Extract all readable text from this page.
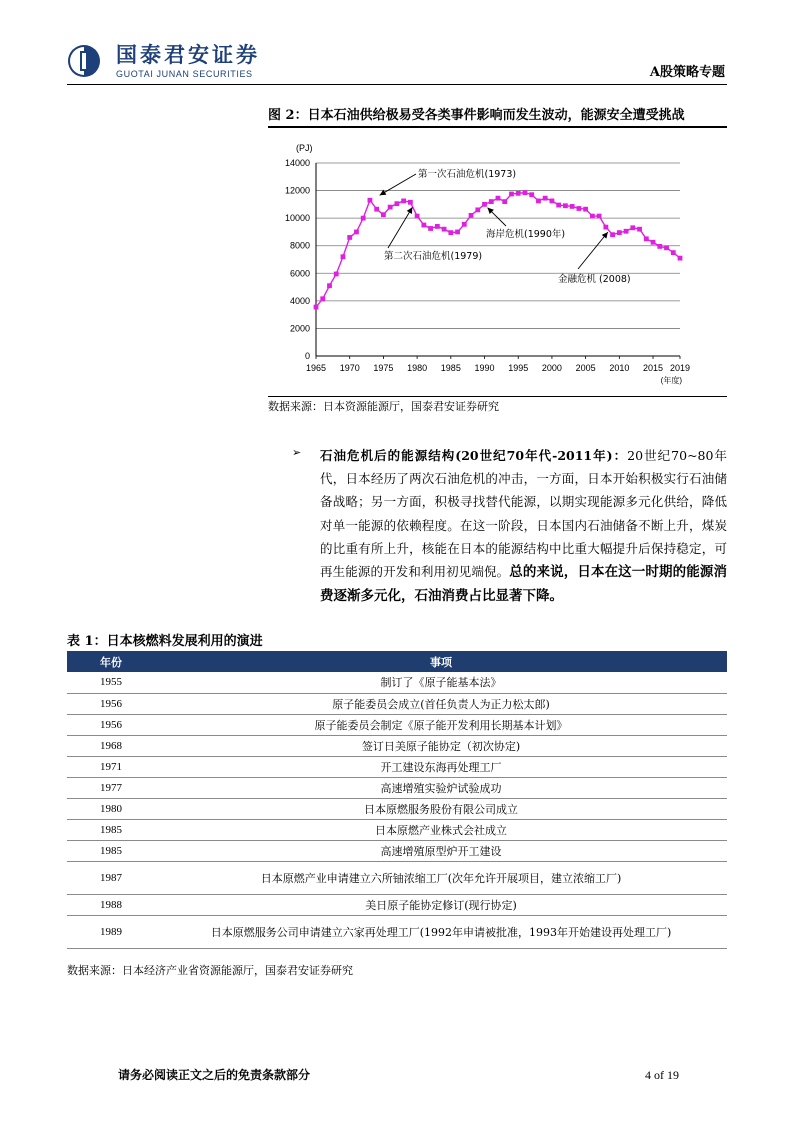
国泰君安证券
GUOTAI JUNAN SECURITIES	A股策略专题
图 2：日本石油供给极易受各类事件影响而发生波动，能源安全遭受挑战
0
2000
4000
6000
8000
10000
12000
14000
1965 1970 1975 1980 1985 1990 1995 2000 2005 2010 2015 2019
(PJ)
(年度)
第一次石油危机(1973)
第二次石油危机(1979)
海岸危机(1990年)
金融危机 (2008)
数据来源：日本资源能源厅，国泰君安证券研究
➢ 石油危机后的能源结构(20世纪70年代-2011年)：20世纪70~80年代，日本经历了两次石油危机的冲击，一方面，日本开始积极实行石油储备战略；另一方面，积极寻找替代能源，以期实现能源多元化供给，降低对单一能源的依赖程度。在这一阶段，日本国内石油储备不断上升，煤炭的比重有所上升，核能在日本的能源结构中比重大幅提升后保持稳定，可再生能源的开发和利用初见端倪。总的来说，日本在这一时期的能源消费逐渐多元化，石油消费占比显著下降。

表 1：日本核燃料发展利用的演进
年份	事项
1955	制订了《原子能基本法》
1956	原子能委员会成立(首任负责人为正力松太郎)
1956	原子能委员会制定《原子能开发利用长期基本计划》
1968	签订日美原子能协定（初次协定)
1971	开工建设东海再处理工厂
1977	高速增殖实验炉试验成功
1980	日本原燃服务股份有限公司成立
1985	日本原燃产业株式会社成立
1985	高速增殖原型炉开工建设
1987	日本原燃产业申请建立六所铀浓缩工厂(次年允许开展项目，建立浓缩工厂)
1988	美日原子能协定修订(现行协定)
1989	日本原燃服务公司申请建立六家再处理工厂(1992年申请被批准，1993年开始建设再处理工厂)
数据来源：日本经济产业省资源能源厅，国泰君安证券研究
请务必阅读正文之后的免责条款部分	4 of 19
